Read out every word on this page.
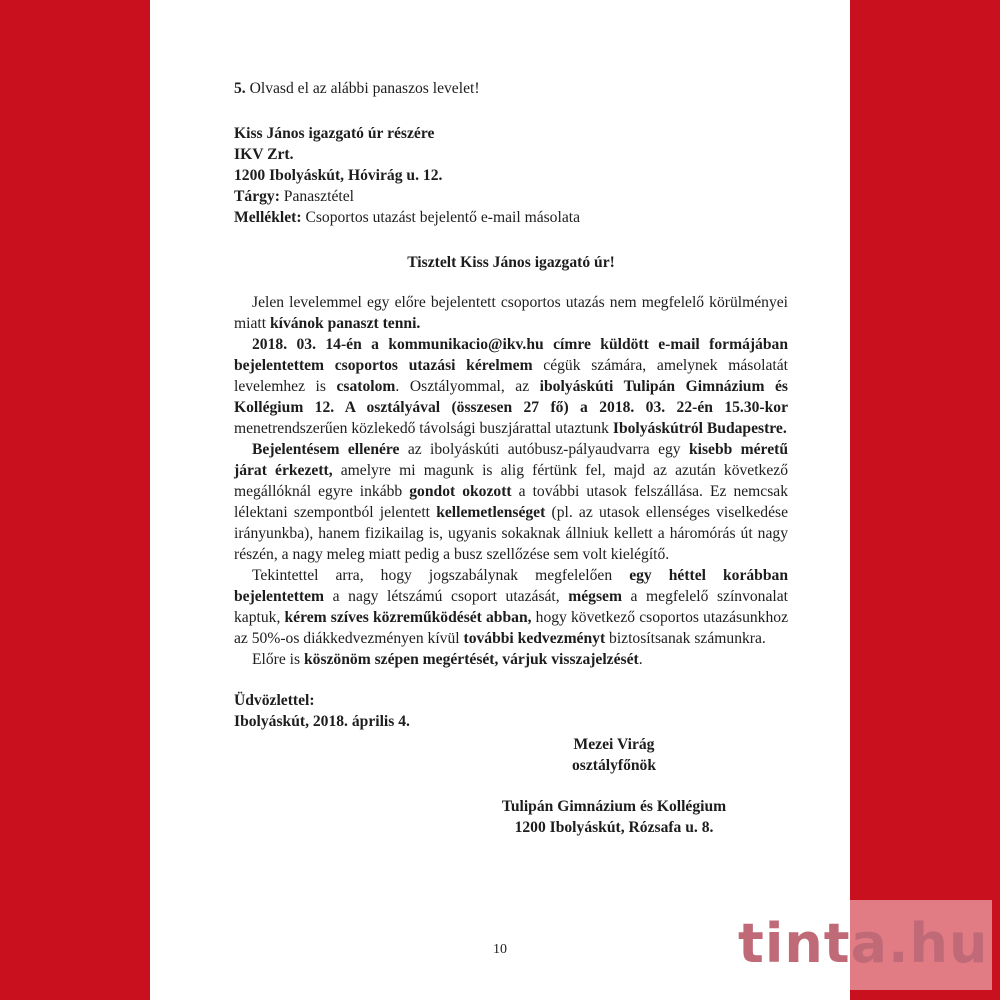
5. Olvasd el az alábbi panaszos levelet!

Kiss János igazgató úr részére
IKV Zrt.
1200 Ibolyáskút, Hóvirág u. 12.
Tárgy: Panasztétel
Melléklet: Csoportos utazást bejelentő e-mail másolata
Tisztelt Kiss János igazgató úr!

Jelen levelemmel egy előre bejelentett csoportos utazás nem megfelelő körülményei miatt kívánok panaszt tenni.

2018. 03. 14-én a kommunikacio@ikv.hu címre küldött e-mail formájában bejelentettem csoportos utazási kérelmem cégük számára, amelynek másolatát levelemhez is csatolom. Osztályommal, az ibolyáskúti Tulipán Gimnázium és Kollégium 12. A osztályával (összesen 27 fő) a 2018. 03. 22-én 15.30-kor menetrendszerűen közlekedő távolsági buszjárattal utaztunk Ibolyáskútról Budapestre.

Bejelentésem ellenére az ibolyáskúti autóbusz-pályaudvarra egy kisebb méretű járat érkezett, amelyre mi magunk is alig fértünk fel, majd az azután következő megállóknál egyre inkább gondot okozott a további utasok felszállása. Ez nemcsak lélektani szempontból jelentett kellemetlenséget (pl. az utasok ellenséges viselkedése irányunkba), hanem fizikailag is, ugyanis sokaknak állniuk kellett a háromórás út nagy részén, a nagy meleg miatt pedig a busz szellőzése sem volt kielégítő.

Tekintettel arra, hogy jogszabálynak megfelelően egy héttel korábban bejelentettem a nagy létszámú csoport utazását, mégsem a megfelelő színvonalat kaptuk, kérem szíves közreműködését abban, hogy következő csoportos utazásunkhoz az 50%-os diákkedvezményen kívül további kedvezményt biztosítsanak számunkra.

Előre is köszönöm szépen megértését, várjuk visszajelzését.

Üdvözlettel:
Ibolyáskút, 2018. április 4.
Mezei Virág
osztályfőnök
Tulipán Gimnázium és Kollégium
1200 Ibolyáskút, Rózsafa u. 8.
10	tinta.hu
